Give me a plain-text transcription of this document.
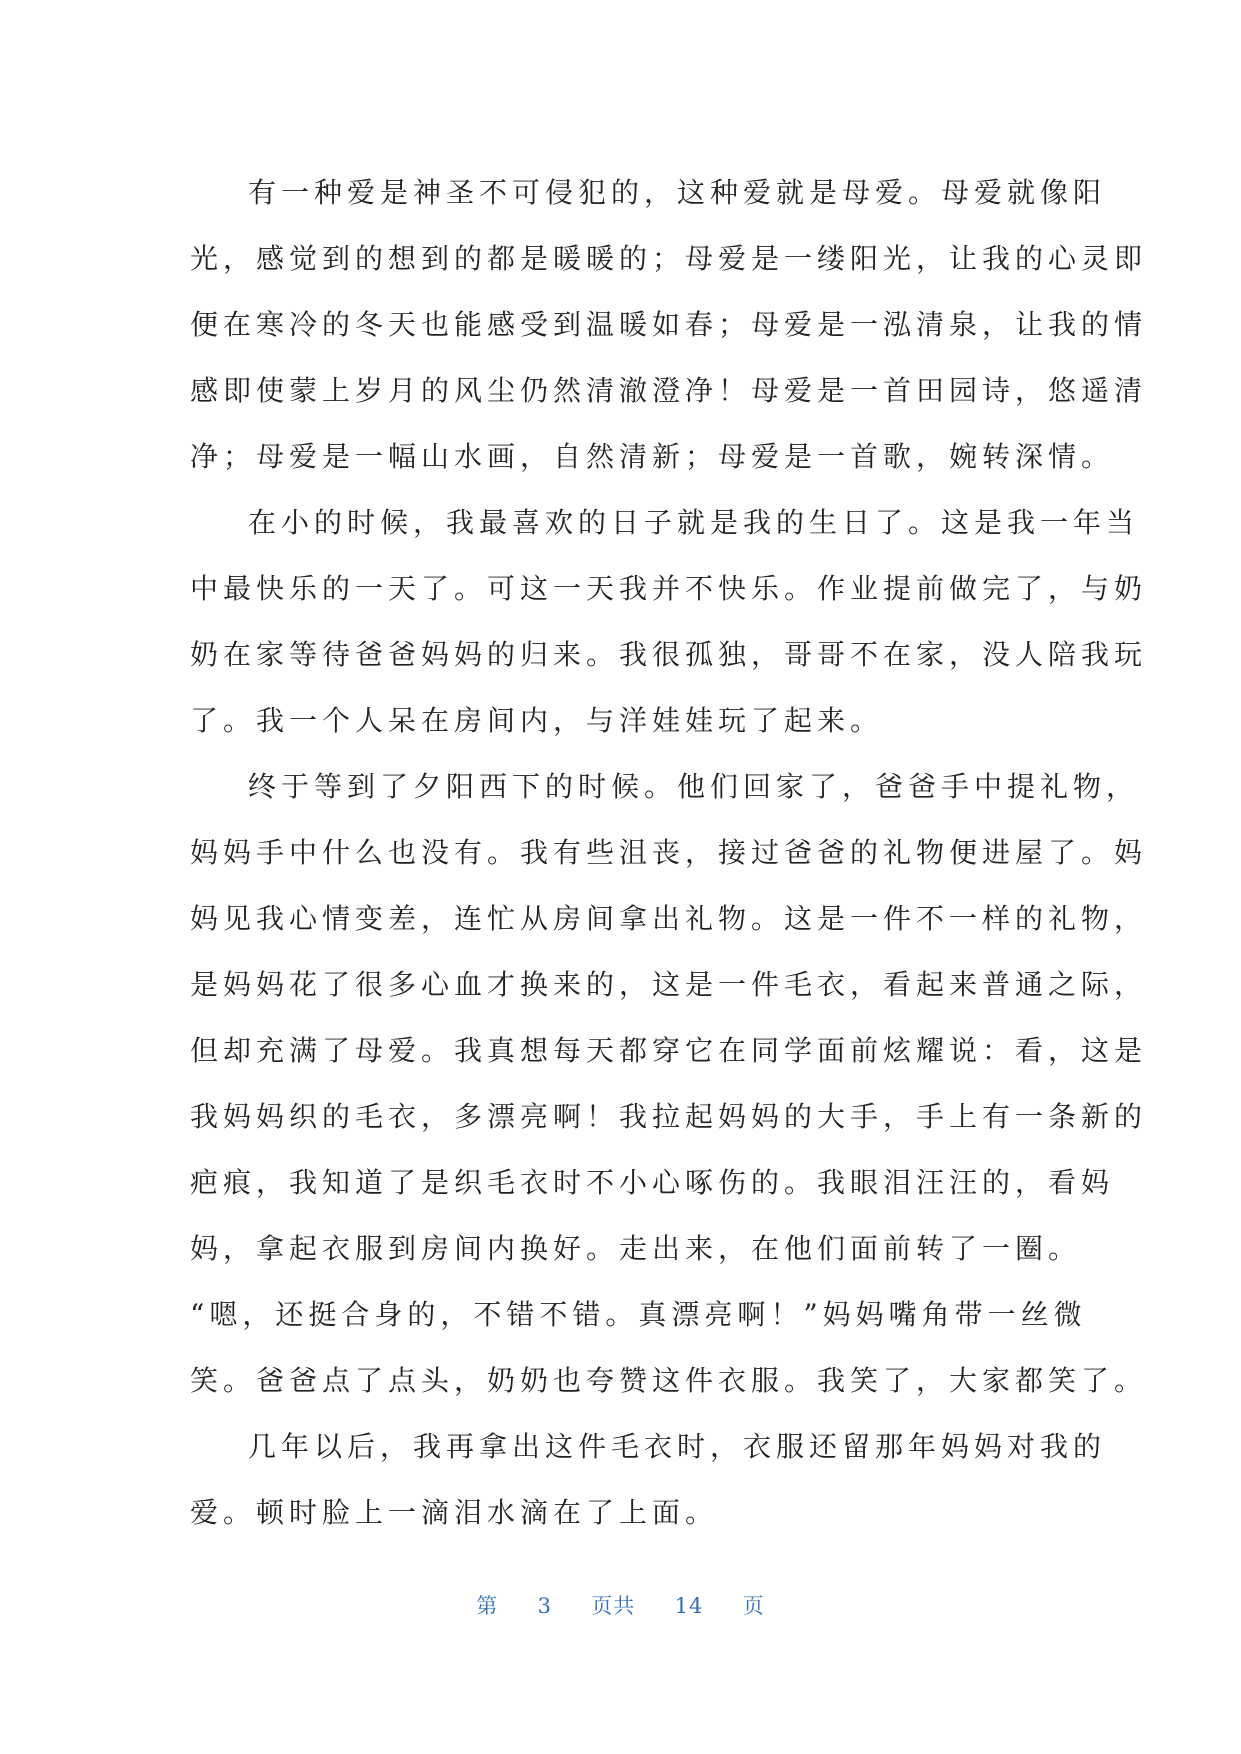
有一种爱是神圣不可侵犯的，这种爱就是母爱。母爱就像阳
光，感觉到的想到的都是暖暖的；母爱是一缕阳光，让我的心灵即
便在寒冷的冬天也能感受到温暖如春；母爱是一泓清泉，让我的情
感即使蒙上岁月的风尘仍然清澈澄净！母爱是一首田园诗，悠遥清
净；母爱是一幅山水画，自然清新；母爱是一首歌，婉转深情。
在小的时候，我最喜欢的日子就是我的生日了。这是我一年当
中最快乐的一天了。可这一天我并不快乐。作业提前做完了，与奶
奶在家等待爸爸妈妈的归来。我很孤独，哥哥不在家，没人陪我玩
了。我一个人呆在房间内，与洋娃娃玩了起来。
终于等到了夕阳西下的时候。他们回家了，爸爸手中提礼物，
妈妈手中什么也没有。我有些沮丧，接过爸爸的礼物便进屋了。妈
妈见我心情变差，连忙从房间拿出礼物。这是一件不一样的礼物，
是妈妈花了很多心血才换来的，这是一件毛衣，看起来普通之际，
但却充满了母爱。我真想每天都穿它在同学面前炫耀说：看，这是
我妈妈织的毛衣，多漂亮啊！我拉起妈妈的大手，手上有一条新的
疤痕，我知道了是织毛衣时不小心啄伤的。我眼泪汪汪的，看妈
妈，拿起衣服到房间内换好。走出来，在他们面前转了一圈。
“嗯，还挺合身的，不错不错。真漂亮啊！”妈妈嘴角带一丝微
笑。爸爸点了点头，奶奶也夸赞这件衣服。我笑了，大家都笑了。
几年以后，我再拿出这件毛衣时，衣服还留那年妈妈对我的
爱。顿时脸上一滴泪水滴在了上面。
第 3 页共 14 页
